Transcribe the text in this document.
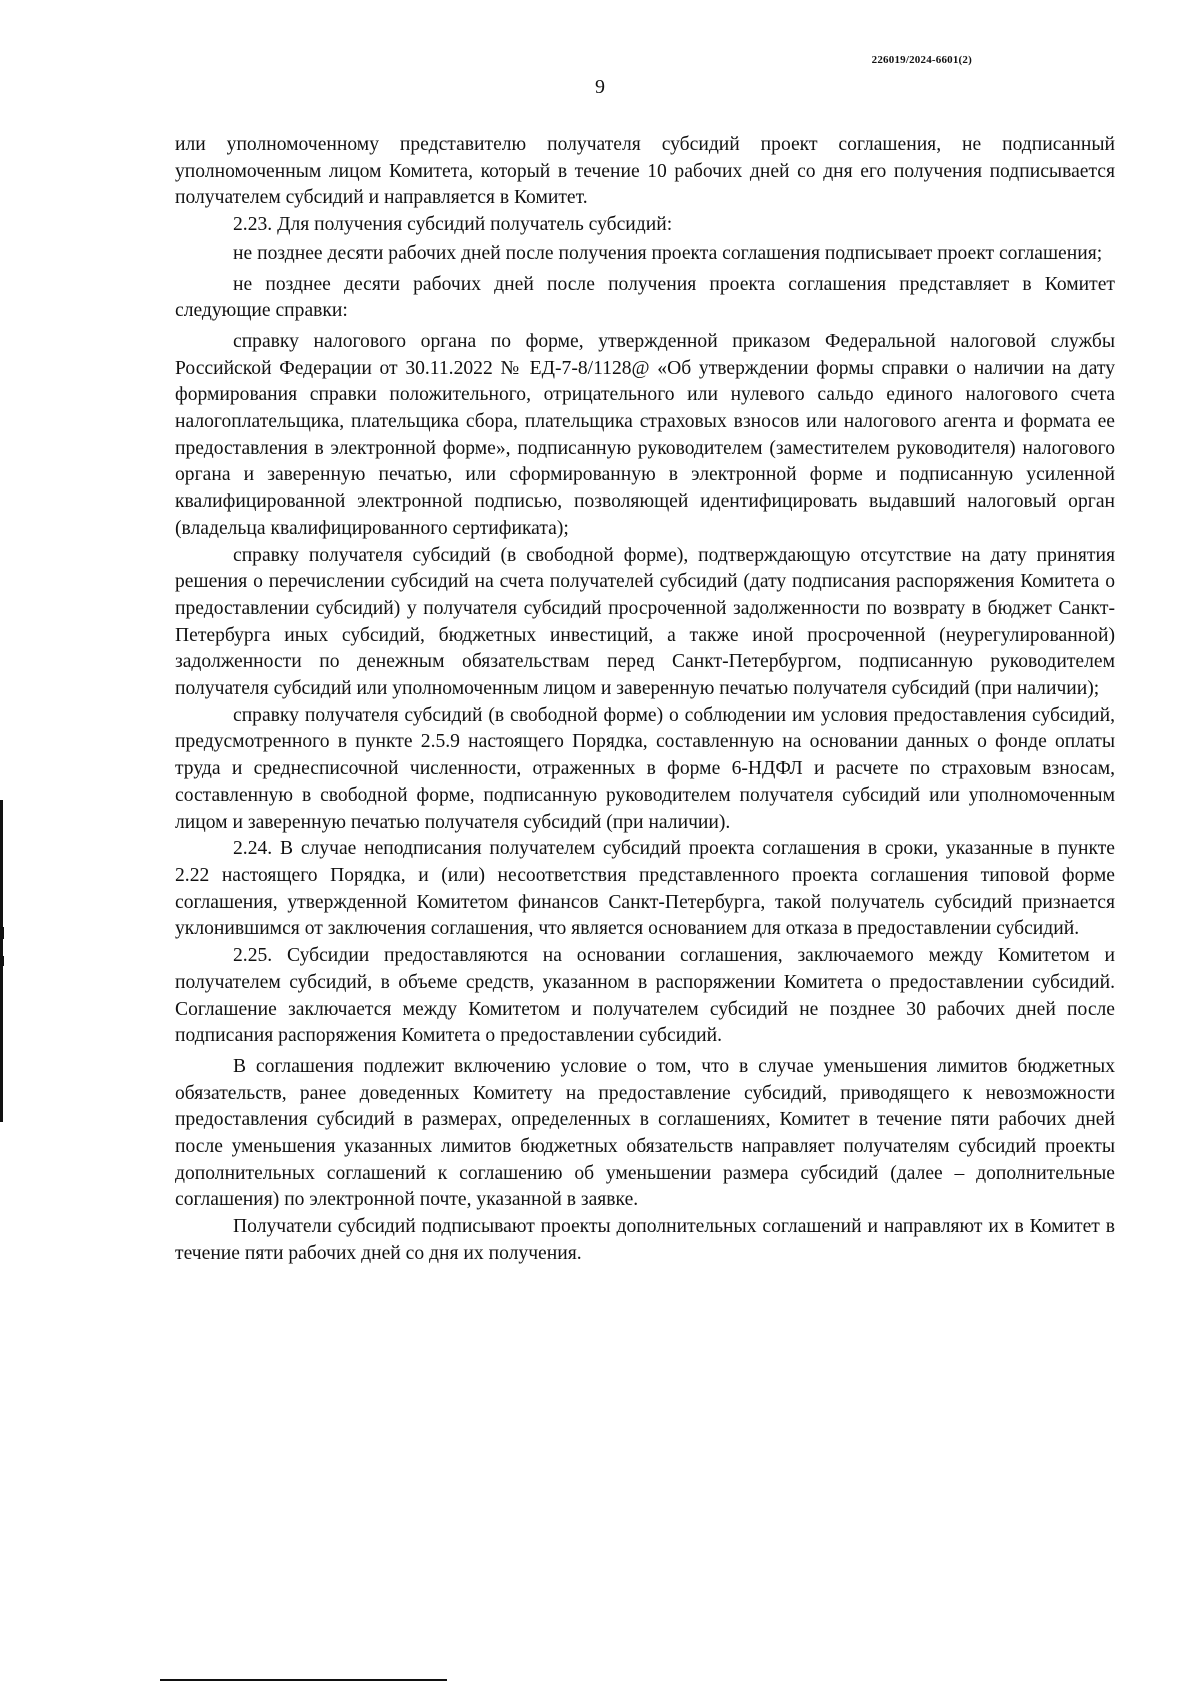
226019/2024-6601(2)
9

или уполномоченному представителю получателя субсидий проект соглашения, не подписанный уполномоченным лицом Комитета, который в течение 10 рабочих дней со дня его получения подписывается получателем субсидий и направляется в Комитет.

2.23. Для получения субсидий получатель субсидий:

не позднее десяти рабочих дней после получения проекта соглашения подписывает проект соглашения;

не позднее десяти рабочих дней после получения проекта соглашения представляет в Комитет следующие справки:

справку налогового органа по форме, утвержденной приказом Федеральной налоговой службы Российской Федерации от 30.11.2022 № ЕД-7-8/1128@ «Об утверждении формы справки о наличии на дату формирования справки положительного, отрицательного или нулевого сальдо единого налогового счета налогоплательщика, плательщика сбора, плательщика страховых взносов или налогового агента и формата ее предоставления в электронной форме», подписанную руководителем (заместителем руководителя) налогового органа и заверенную печатью, или сформированную в электронной форме и подписанную усиленной квалифицированной электронной подписью, позволяющей идентифицировать выдавший налоговый орган (владельца квалифицированного сертификата);

справку получателя субсидий (в свободной форме), подтверждающую отсутствие на дату принятия решения о перечислении субсидий на счета получателей субсидий (дату подписания распоряжения Комитета о предоставлении субсидий) у получателя субсидий просроченной задолженности по возврату в бюджет Санкт-Петербурга иных субсидий, бюджетных инвестиций, а также иной просроченной (неурегулированной) задолженности по денежным обязательствам перед Санкт-Петербургом, подписанную руководителем получателя субсидий или уполномоченным лицом и заверенную печатью получателя субсидий (при наличии);

справку получателя субсидий (в свободной форме) о соблюдении им условия предоставления субсидий, предусмотренного в пункте 2.5.9 настоящего Порядка, составленную на основании данных о фонде оплаты труда и среднесписочной численности, отраженных в форме 6-НДФЛ и расчете по страховым взносам, составленную в свободной форме, подписанную руководителем получателя субсидий или уполномоченным лицом и заверенную печатью получателя субсидий (при наличии).

2.24. В случае неподписания получателем субсидий проекта соглашения в сроки, указанные в пункте 2.22 настоящего Порядка, и (или) несоответствия представленного проекта соглашения типовой форме соглашения, утвержденной Комитетом финансов Санкт-Петербурга, такой получатель субсидий признается уклонившимся от заключения соглашения, что является основанием для отказа в предоставлении субсидий.

2.25. Субсидии предоставляются на основании соглашения, заключаемого между Комитетом и получателем субсидий, в объеме средств, указанном в распоряжении Комитета о предоставлении субсидий. Соглашение заключается между Комитетом и получателем субсидий не позднее 30 рабочих дней после подписания распоряжения Комитета о предоставлении субсидий.

В соглашения подлежит включению условие о том, что в случае уменьшения лимитов бюджетных обязательств, ранее доведенных Комитету на предоставление субсидий, приводящего к невозможности предоставления субсидий в размерах, определенных в соглашениях, Комитет в течение пяти рабочих дней после уменьшения указанных лимитов бюджетных обязательств направляет получателям субсидий проекты дополнительных соглашений к соглашению об уменьшении размера субсидий (далее – дополнительные соглашения) по электронной почте, указанной в заявке.

Получатели субсидий подписывают проекты дополнительных соглашений и направляют их в Комитет в течение пяти рабочих дней со дня их получения.
